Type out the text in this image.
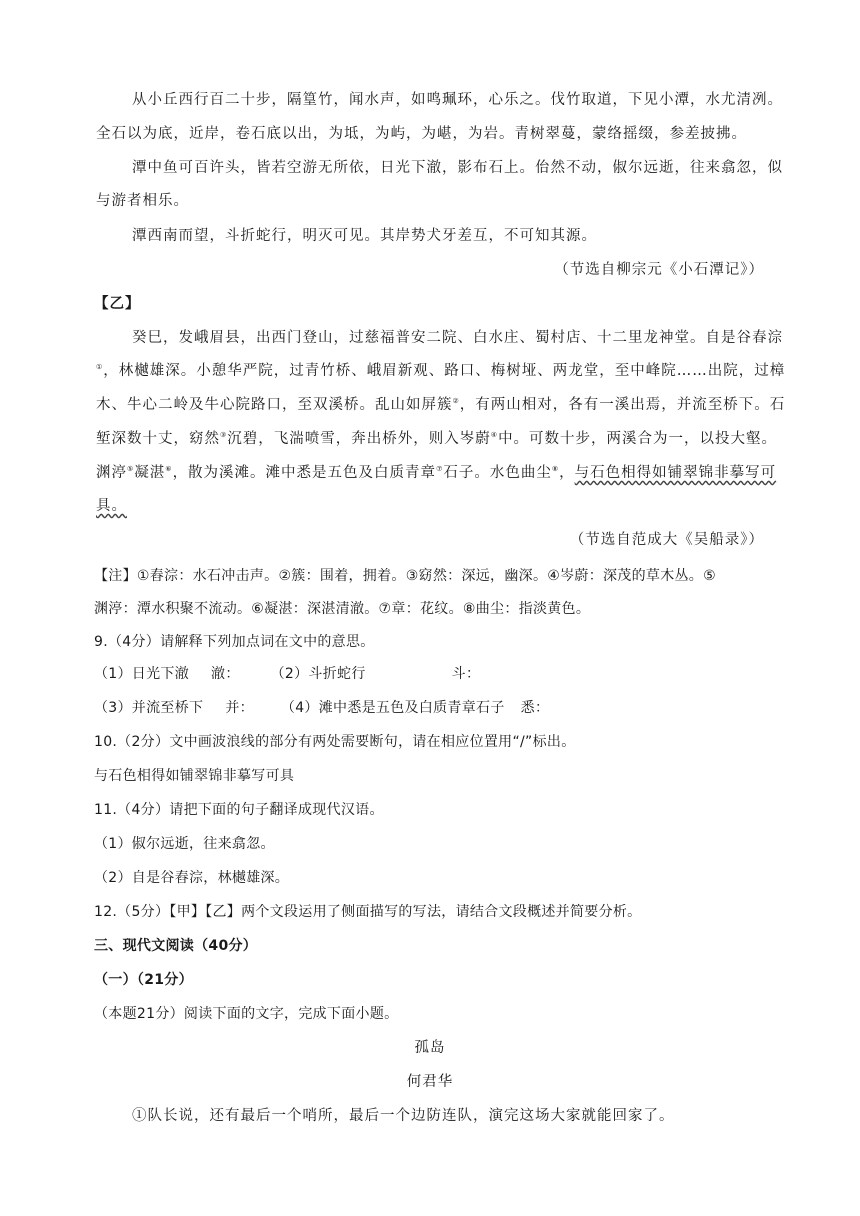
从小丘西行百二十步，隔篁竹，闻水声，如鸣珮环，心乐之。伐竹取道，下见小潭，水尤清冽。
全石以为底，近岸，卷石底以出，为坻，为屿，为嵁，为岩。青树翠蔓，蒙络摇缀，参差披拂。
潭中鱼可百许头，皆若空游无所依，日光下澈，影布石上。佁然不动，俶尔远逝，往来翕忽，似
与游者相乐。
潭西南而望，斗折蛇行，明灭可见。其岸势犬牙差互，不可知其源。
（节选自柳宗元《小石潭记》）
【乙】
癸巳，发峨眉县，出西门登山，过慈福普安二院、白水庄、蜀村店、十二里龙神堂。自是谷春淙
①，林樾雄深。小憩华严院，过青竹桥、峨眉新观、路口、梅树垭、两龙堂，至中峰院……出院，过樟
木、牛心二岭及牛心院路口，至双溪桥。乱山如屏簇②，有两山相对，各有一溪出焉，并流至桥下。石
堑深数十丈，窈然③沉碧，飞湍喷雪，奔出桥外，则入岑蔚④中。可数十步，两溪合为一，以投大壑。
渊渟⑤凝湛⑥，散为溪滩。滩中悉是五色及白质青章⑦石子。水色曲尘⑧，与石色相得如铺翠锦非摹写可
具。
（节选自范成大《吴船录》）
【注】①舂淙：水石冲击声。②簇：围着，拥着。③窈然：深远，幽深。④岑蔚：深茂的草木丛。⑤
渊渟：潭水积聚不流动。⑥凝湛：深湛清澈。⑦章：花纹。⑧曲尘：指淡黄色。
9.（4分）请解释下列加点词在文中的意思。
（1）日光下澈 澈：	（2）斗折蛇行	斗：
（3）并流至桥下 并： （4）滩中悉是五色及白质青章石子 悉：
10.（2分）文中画波浪线的部分有两处需要断句，请在相应位置用“/”标出。
与石色相得如铺翠锦非摹写可具
11.（4分）请把下面的句子翻译成现代汉语。
（1）俶尔远逝，往来翕忽。
（2）自是谷舂淙，林樾雄深。
12.（5分）【甲】【乙】两个文段运用了侧面描写的写法，请结合文段概述并简要分析。
三、现代文阅读（40分）
（一）（21分）
（本题21分）阅读下面的文字，完成下面小题。
孤岛
何君华
①队长说，还有最后一个哨所，最后一个边防连队，演完这场大家就能回家了。
